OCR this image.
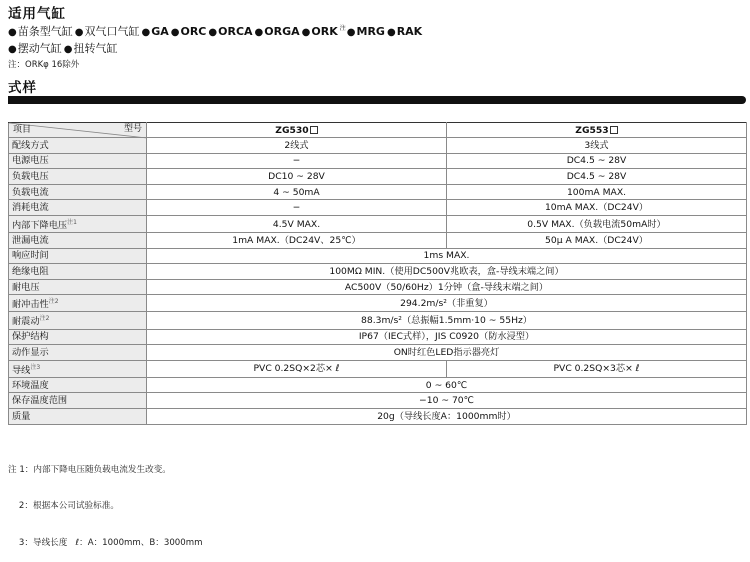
适用气缸
●苗条型气缸 ●双气口气缸 ●GA ●ORC ●ORCA ●ORGA ●ORK $^注$●MRG ●RAK
●摆动气缸 ●扭转气缸
注：ORKφ 16除外
式样
项目 型号	ZG530	ZG553
配线方式	2线式	3线式
电源电压	−	DC4.5 ~ 28V
负载电压	DC10 ~ 28V	DC4.5 ~ 28V
负载电流	4 ~ 50mA	100mA MAX.
消耗电流	−	10mA MAX.（DC24V）
内部下降电压$^{注1}$	4.5V MAX.	0.5V MAX.（负载电流50mA时）
泄漏电流	1mA MAX.（DC24V、25℃）	50μ A MAX.（DC24V）
响应时间	1ms MAX.	
绝缘电阻	100MΩ MIN.（使用DC500V兆欧表，盒-导线末端之间）	
耐电压	AC500V（50/60Hz）1分钟（盒-导线末端之间）	
耐冲击性$^{注2}$	294.2m/s²（非重复）	
耐震动$^{注2}$	88.3m/s²（总振幅1.5mm·10 ~ 55Hz）	
保护结构	IP67（IEC式样），JIS C0920（防水浸型）	
动作显示	ON时红色LED指示器亮灯	
导线$^{注3}$	PVC 0.2SQ×2芯× ℓ	PVC 0.2SQ×3芯× ℓ
环境温度	0 ~ 60℃	
保存温度范围	−10 ~ 70℃	
质量	20g（导线长度A：1000mm时）	

注 1：内部下降电压随负载电流发生改变。

2：根据本公司试验标准。

3：导线长度   ℓ：A：1000mm、B：3000mm
